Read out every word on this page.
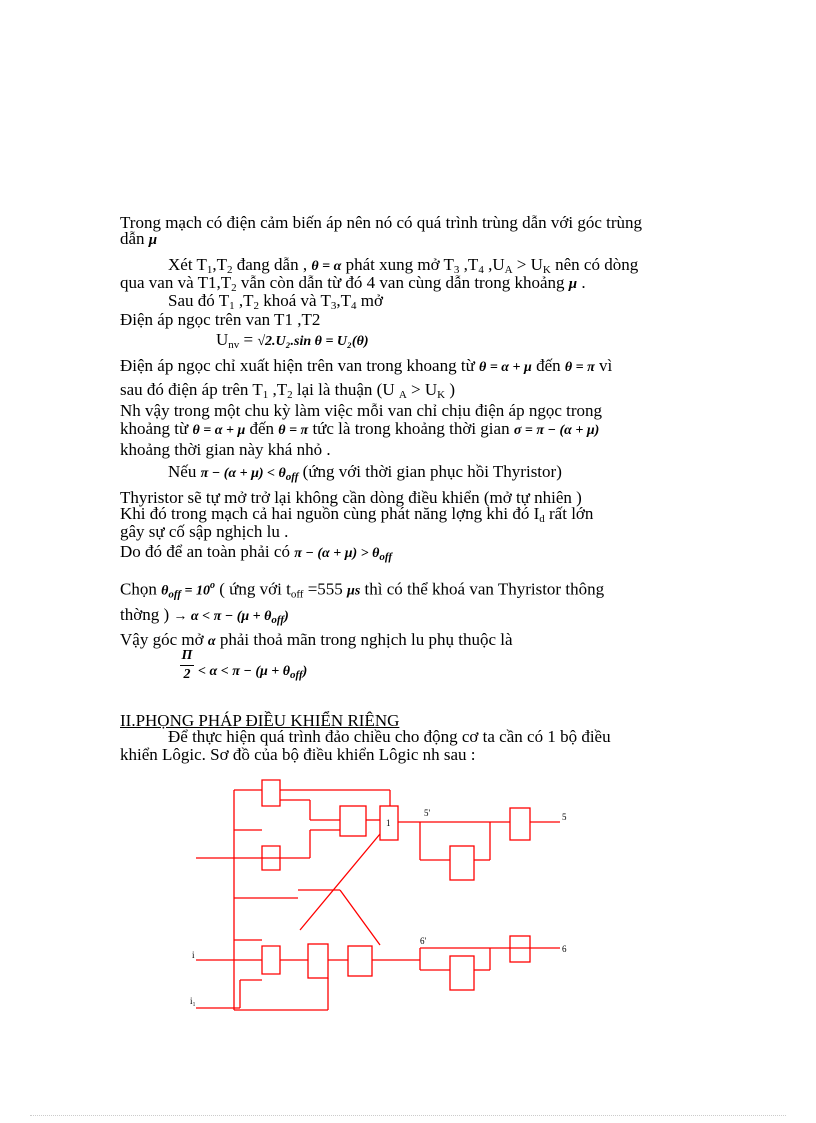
Trong mạch có điện cảm biến áp nên nó có quá trình trùng dẫn với góc trùng
dẫn μ
Xét $T_1,T_2$ đang dẫn , θ = α phát xung mở $T_3$ $,T_4$ $,U_A > U_K$ nên có dòng
qua van và $T1,T_2$ vẫn còn dẫn từ đó 4 van cùng dẫn trong khoảng μ .
Sau đó $T_1$ $,T_2$ khoá và $T_3,T_4$ mở
Điện áp ngọc trên van T1 ,T2
$U_{nv} = √2.U_2.\sin$ θ = U₂(θ)
Điện áp ngọc chỉ xuất hiện trên van trong khoang từ θ = α + μ đến θ = π vì
sau đó điện áp trên $T_1$ $,T_2$ lại là thuận (U $_A > U_K$ )
Nh vậy trong một chu kỳ làm việc mỗi van chỉ chịu điện áp ngọc trong
khoảng từ θ = α + μ đến θ = π tức là trong khoảng thời gian σ = π − (α + μ)
khoảng thời gian này khá nhỏ .
Nếu $\pi - (\alpha + \mu) < \theta_{off}$ (ứng với thời gian phục hồi Thyristor)
Thyristor sẽ tự mở trở lại không cần dòng điều khiển (mở tự nhiên )
Khi đó trong mạch cả hai nguồn cùng phát năng lợng khi đó $I_d$ rất lớn
gây sự cố sập nghịch lu .
Do đó để an toàn phải có $\pi - (\alpha + \mu) > \theta_{off}$
Chọn $\theta_{off} = 10^o$ ( ứng với $t_{off} =555$ μs thì có thể khoá van Thyristor thông
thờng ) → $\alpha < \pi - (\mu + \theta_{off})$
Vậy góc mở α phải thoả mãn trong nghịch lu phụ thuộc là
Π
$2 < \alpha < \pi - (\mu + \theta_{off})$
II.PHỌNG PHÁP ĐIỀU KHIỂN RIÊNG
Để thực hiện quá trình đảo chiều cho động cơ ta cần có 1 bộ điều
khiển Lôgic. Sơ đồ của bộ điều khiển Lôgic nh sau :
1
5'	5
6'
6
i
i₁
